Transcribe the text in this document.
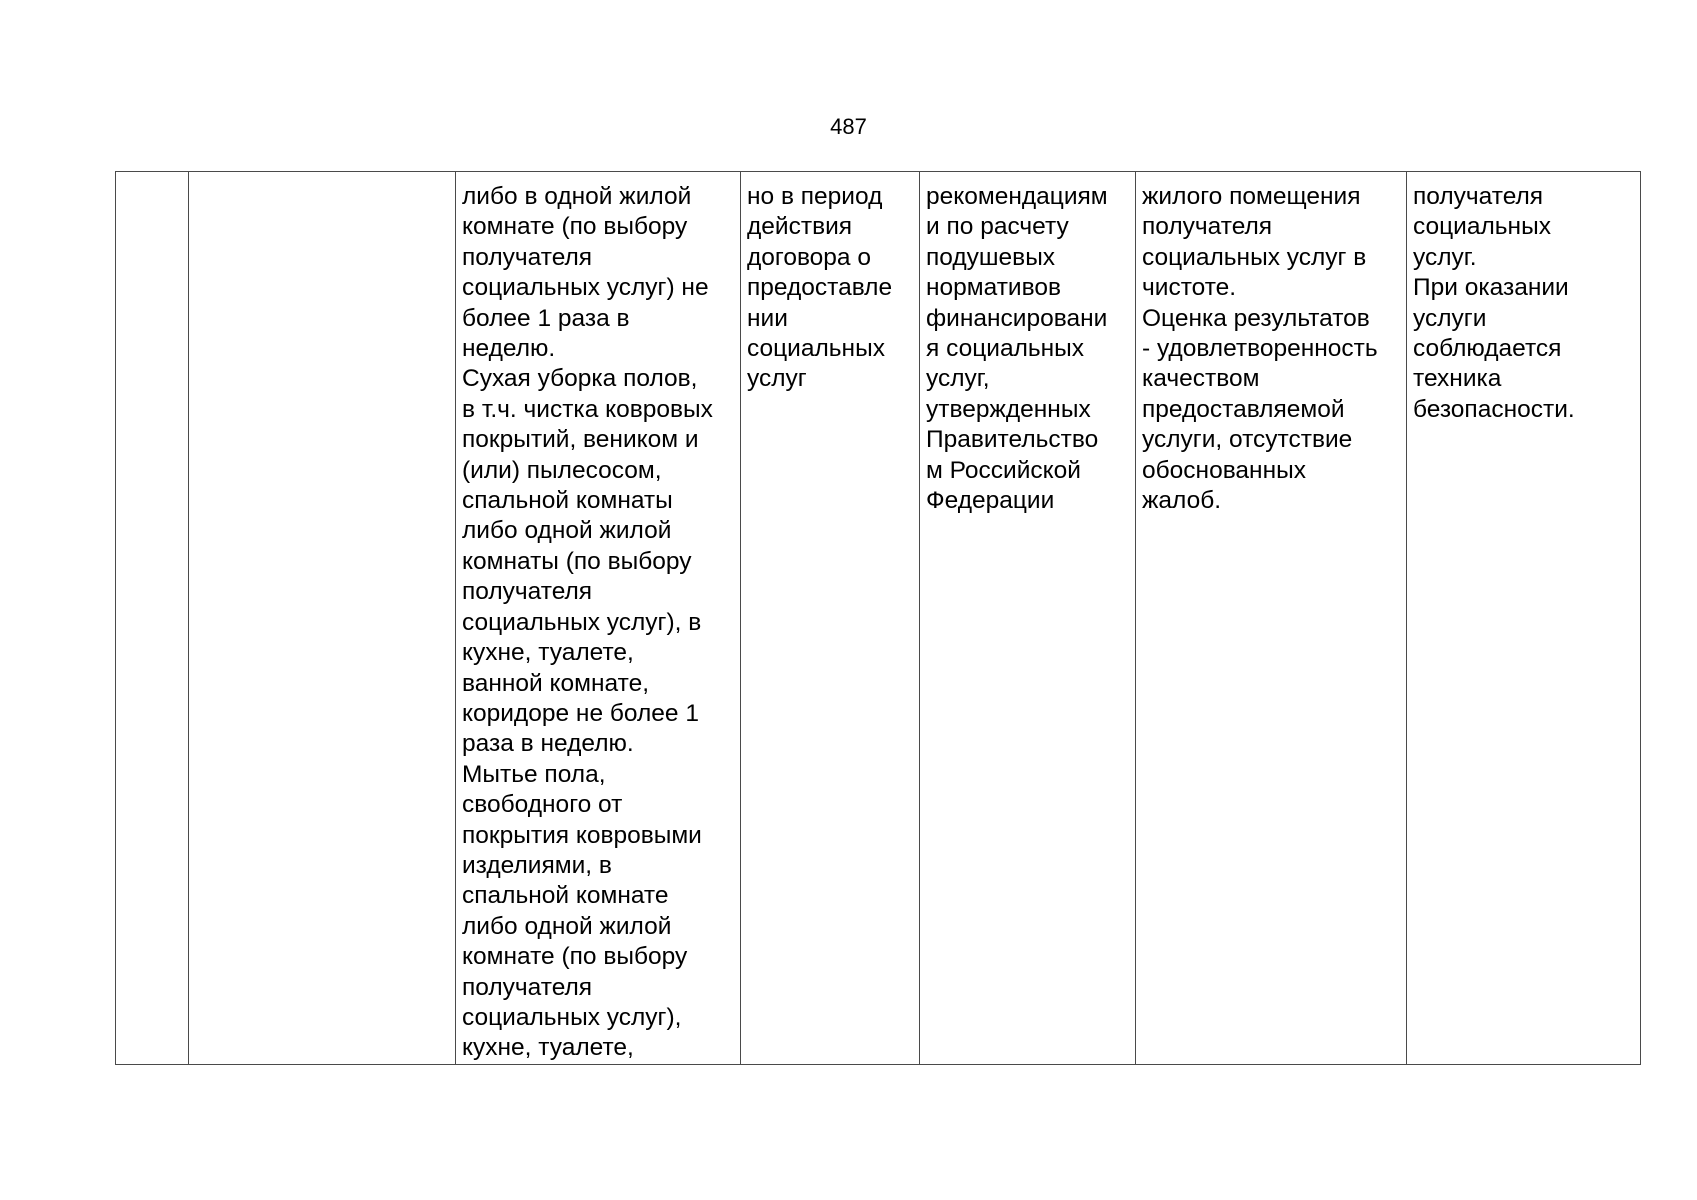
487
		либо в одной жилой
комнате (по выбору
получателя
социальных услуг) не
более 1 раза в
неделю.
Сухая уборка полов,
в т.ч. чистка ковровых
покрытий, веником и
(или) пылесосом,
спальной комнаты
либо одной жилой
комнаты (по выбору
получателя
социальных услуг), в
кухне, туалете,
ванной комнате,
коридоре не более 1
раза в неделю.
Мытье пола,
свободного от
покрытия ковровыми
изделиями, в
спальной комнате
либо одной жилой
комнате (по выбору
получателя
социальных услуг),
кухне, туалете,	но в период
действия
договора о
предоставле
нии
социальных
услуг	рекомендациям
и по расчету
подушевых
нормативов
финансировани
я социальных
услуг,
утвержденных
Правительство
м Российской
Федерации	жилого помещения
получателя
социальных услуг в
чистоте.
Оценка результатов
- удовлетворенность
качеством
предоставляемой
услуги, отсутствие
обоснованных
жалоб.	получателя
социальных
услуг.
При оказании
услуги
соблюдается
техника
безопасности.
